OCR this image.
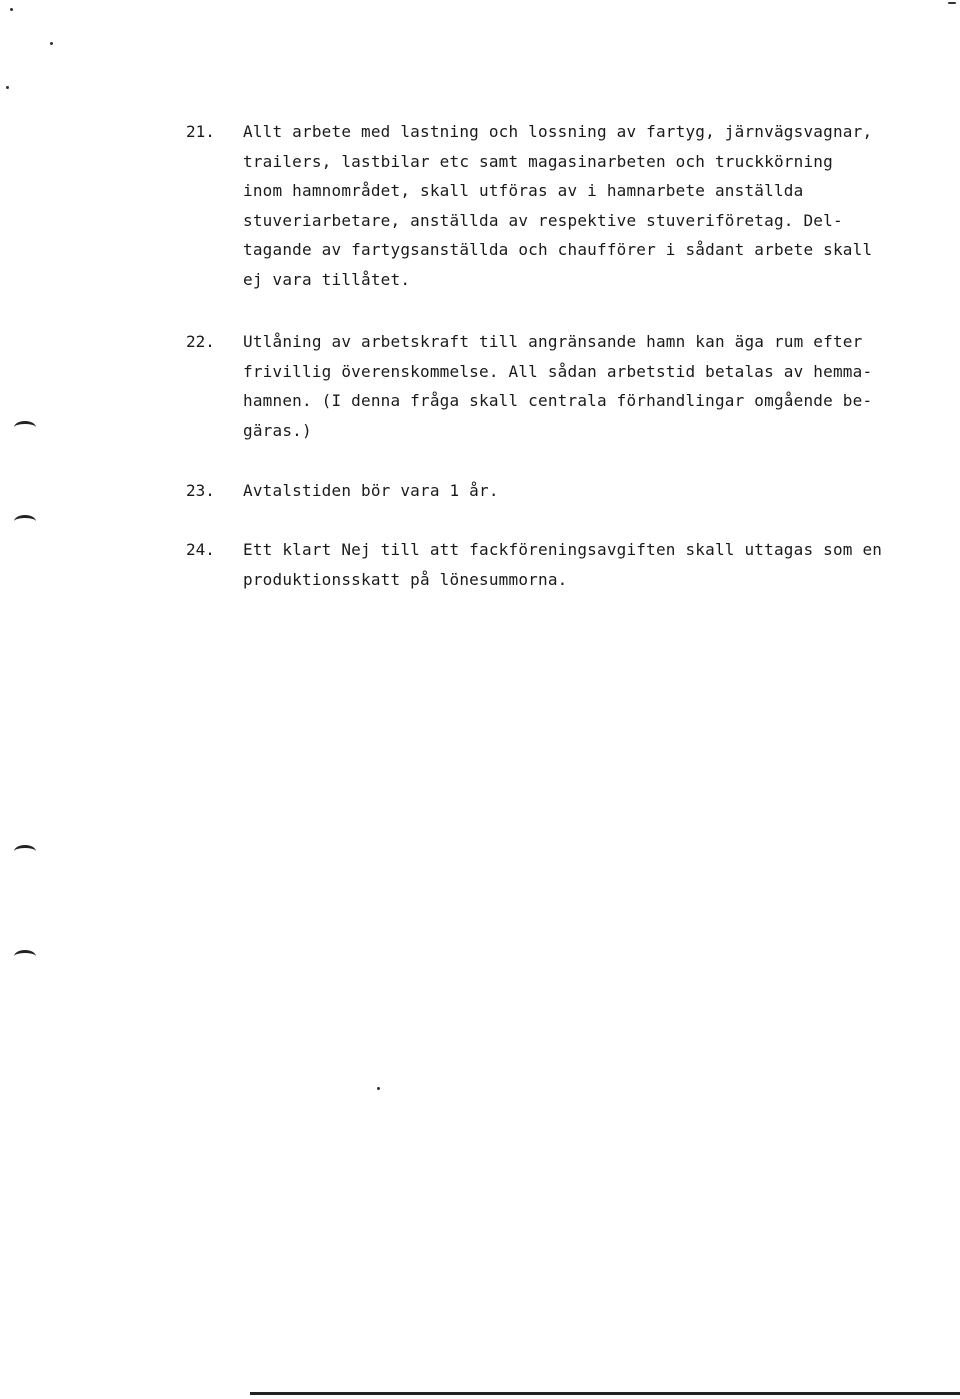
21. Allt arbete med lastning och lossning av fartyg, järnvägsvagnar,
trailers, lastbilar etc samt magasinarbeten och truckkörning
inom hamnområdet, skall utföras av i hamnarbete anställda
stuveriarbetare, anställda av respektive stuveriföretag. Del-
tagande av fartygsanställda och chaufförer i sådant arbete skall
ej vara tillåtet.
22. Utlåning av arbetskraft till angränsande hamn kan äga rum efter
frivillig överenskommelse. All sådan arbetstid betalas av hemma-
hamnen. (I denna fråga skall centrala förhandlingar omgående be-
gäras.)
23. Avtalstiden bör vara 1 år.
24. Ett klart Nej till att fackföreningsavgiften skall uttagas som en
produktionsskatt på lönesummorna.
